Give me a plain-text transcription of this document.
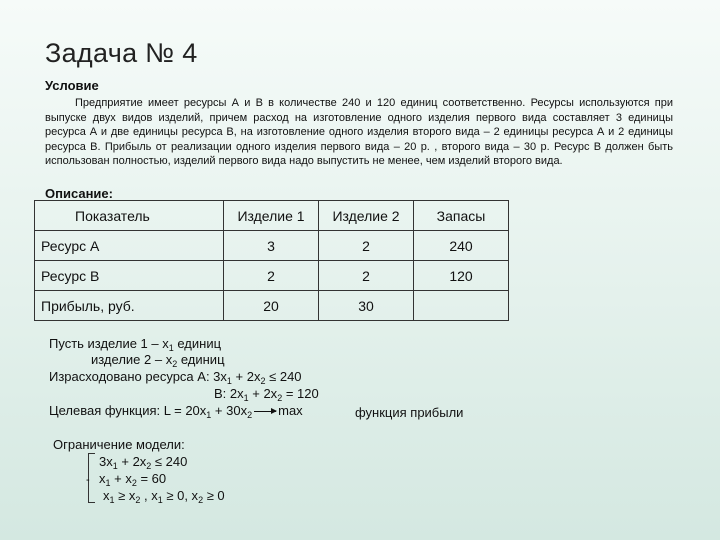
Задача № 4
Условие
Предприятие имеет ресурсы А и В в количестве 240 и 120 единиц соответственно. Ресурсы используются при выпуске двух видов изделий, причем расход на изготовление одного изделия первого вида составляет 3 единицы ресурса А и две единицы ресурса В, на изготовление одного изделия второго вида – 2 единицы ресурса А и 2 единицы ресурса В. Прибыль от реализации одного изделия первого вида – 20 р. , второго вида – 30 р. Ресурс В должен быть использован полностью, изделий первого вида надо выпустить не менее, чем изделий второго вида.
Описание:
Показатель	Изделие 1	Изделие 2	Запасы
Ресурс А	3	2	240
Ресурс В	2	2	120
Прибыль, руб.	20	30	
Пусть изделие $1 - x_1$ единиц
изделие $2 - x_2$ единиц
Израсходовано ресурса А: $3x_1 + 2x_2 \le 240$
В: $2x_1 + 2x_2 = 120$
Целевая функция: $L = 20x_1 + 30x_2$ max	функция прибыли
Ограничение модели:
-
$3x_1 + 2x_2 \le 240$
$x_1 + x_2 = 60$
$x_1 \ge x_2$ , $x_1 \ge 0$, $x_2 \ge 0$
